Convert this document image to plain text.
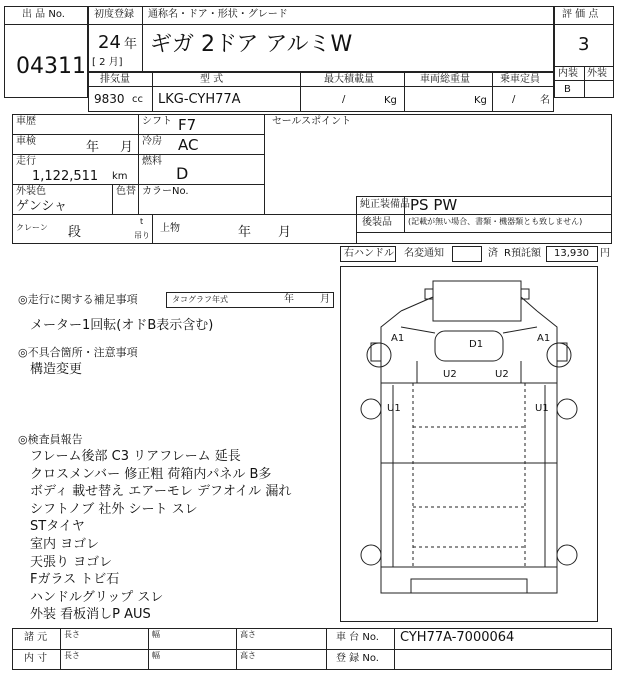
出 品 No.
04311
初度登録 通称名・ドア・形状・グレード
24 年
[ 2 月]
ギガ 2ドア アルミW
評 価 点
3
内装 外装
B
排気量	型 式	最大積載量	車両総重量	乗車定員
9830 cc LKG-CYH77A	/	Kg	Kg	/ 名
車歴	シフト F7	セールスポイント
車検	年 月 冷房 AC
走行
1,122,511 km
燃料
D
外装色
ゲンシャ
色替 カラーNo.
純正装備品 PS PW
後装品 (記載が無い場合、書類・機器類とも致しません)
クレーン 段
t
吊り
上物	年 月
右ハンドル 名変通知	済 R預託額 13,930 円
◎走行に関する補足事項	タコグラフ年式	年	月
メーター1回転(オドB表示含む)
◎不具合箇所・注意事項
構造変更
◎検査員報告
フレーム後部 C3 リアフレーム 延長
クロスメンバー 修正粗 荷箱内パネル B多
ボディ 載せ替え エアーモレ デフオイル 漏れ
シフトノブ 社外 シート スレ
STタイヤ
室内 ヨゴレ
天張り ヨゴレ
Fガラス トビ石
ハンドルグリップ スレ
外装 看板消しP AUS
A1	A1
D1
U2	U2
U1	U1
諸 元
内 寸
長さ	幅	高さ
長さ	幅	高さ
車 台 No. CYH77A-7000064
登 録 No.
